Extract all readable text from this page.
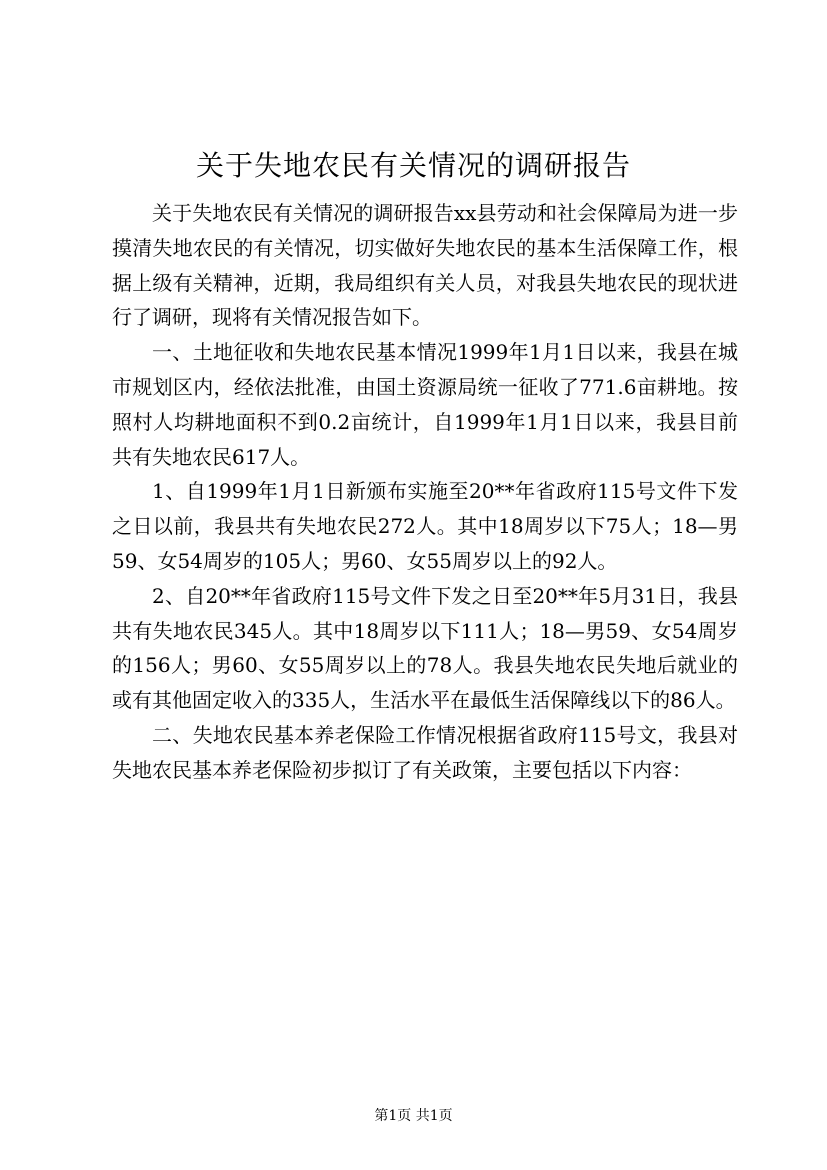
关于失地农民有关情况的调研报告

关于失地农民有关情况的调研报告xx县劳动和社会保障局为进一步摸清失地农民的有关情况，切实做好失地农民的基本生活保障工作，根据上级有关精神，近期，我局组织有关人员，对我县失地农民的现状进行了调研，现将有关情况报告如下。

一、土地征收和失地农民基本情况1999年1月1日以来，我县在城市规划区内，经依法批准，由国土资源局统一征收了771.6亩耕地。按照村人均耕地面积不到0.2亩统计，自1999年1月1日以来，我县目前共有失地农民617人。

1、自1999年1月1日新颁布实施至20**年省政府115号文件下发之日以前，我县共有失地农民272人。其中18周岁以下75人；18—男59、女54周岁的105人；男60、女55周岁以上的92人。

2、自20**年省政府115号文件下发之日至20**年5月31日，我县共有失地农民345人。其中18周岁以下111人；18—男59、女54周岁的156人；男60、女55周岁以上的78人。我县失地农民失地后就业的或有其他固定收入的335人，生活水平在最低生活保障线以下的86人。

二、失地农民基本养老保险工作情况根据省政府115号文，我县对失地农民基本养老保险初步拟订了有关政策，主要包括以下内容：

第1页 共1页
